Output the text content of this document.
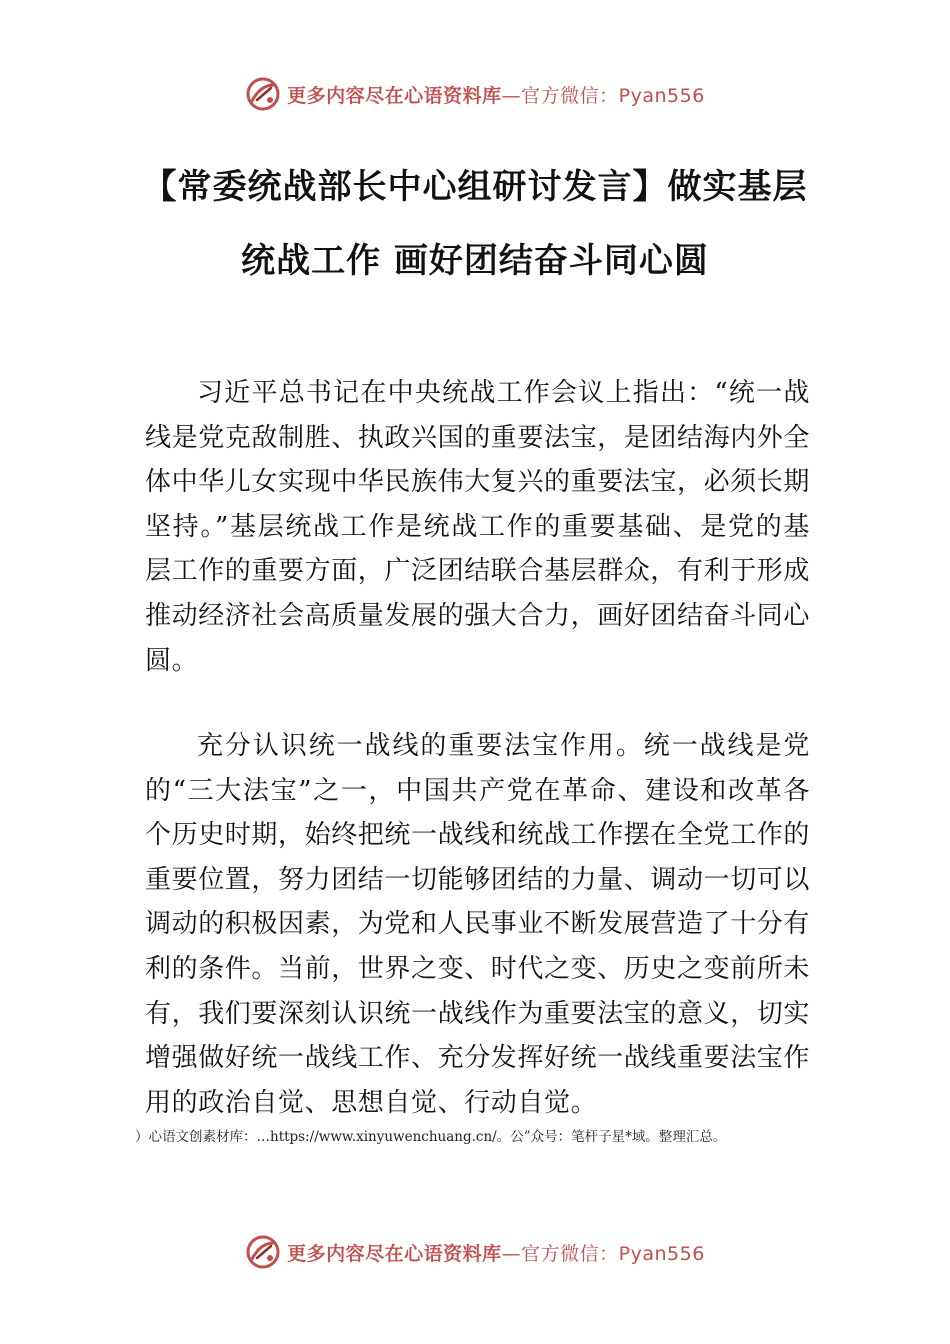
更多内容尽在心语资料库—官方微信：Pyan556
【常委统战部长中心组研讨发言】做实基层
统战工作 画好团结奋斗同心圆

习近平总书记在中央统战工作会议上指出：“统一战线是党克敌制胜、执政兴国的重要法宝，是团结海内外全体中华儿女实现中华民族伟大复兴的重要法宝，必须长期坚持。”基层统战工作是统战工作的重要基础、是党的基层工作的重要方面，广泛团结联合基层群众，有利于形成推动经济社会高质量发展的强大合力，画好团结奋斗同心圆。

充分认识统一战线的重要法宝作用。统一战线是党的“三大法宝”之一，中国共产党在革命、建设和改革各个历史时期，始终把统一战线和统战工作摆在全党工作的重要位置，努力团结一切能够团结的力量、调动一切可以调动的积极因素，为党和人民事业不断发展营造了十分有利的条件。当前，世界之变、时代之变、历史之变前所未有，我们要深刻认识统一战线作为重要法宝的意义，切实增强做好统一战线工作、充分发挥好统一战线重要法宝作用的政治自觉、思想自觉、行动自觉。

）心语文创素材库：…https://www.xinyuwenchuang.cn/。公”众号：笔杆子星*域。整理汇总。

更多内容尽在心语资料库—官方微信：Pyan556
